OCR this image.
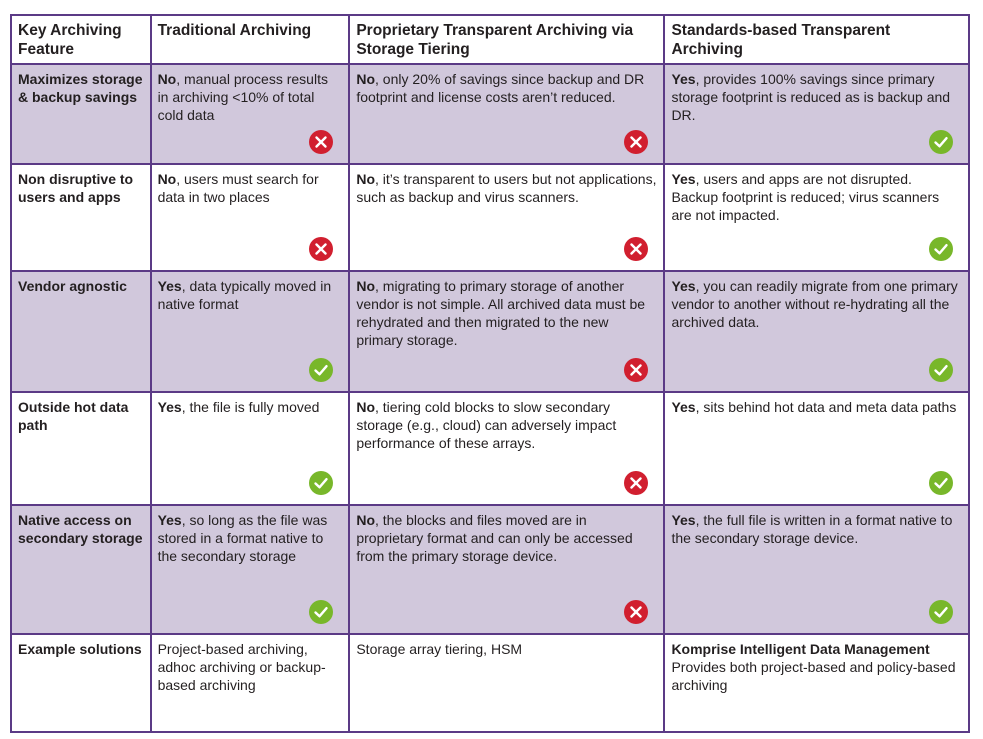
Key Archiving Feature	Traditional Archiving	Proprietary Transparent Archiving via Storage Tiering	Standards-based Transparent Archiving
Maximizes storage & backup savings	No, manual process results in archiving <10% of total cold data	No, only 20% of savings since backup and DR footprint and license costs aren’t reduced.	Yes, provides 100% savings since primary storage footprint is reduced as is backup and DR.

Non disruptive to users and apps	No, users must search for data in two places	No, it’s transparent to users but not applications, such as backup and virus scanners.	Yes, users and apps are not disrupted. Backup footprint is reduced; virus scanners are not impacted.

Vendor agnostic	Yes, data typically moved in native format	No, migrating to primary storage of another vendor is not simple. All archived data must be rehydrated and then migrated to the new primary storage.	Yes, you can readily migrate from one primary vendor to another without re-hydrating all the archived data.

Outside hot data path	Yes, the file is fully moved	No, tiering cold blocks to slow secondary storage (e.g., cloud) can adversely impact performance of these arrays.	Yes, sits behind hot data and meta data paths

Native access on secondary storage	Yes, so long as the file was stored in a format native to the secondary storage	No, the blocks and files moved are in proprietary format and can only be accessed from the primary storage device.	Yes, the full file is written in a format native to the secondary storage device.

Example solutions	Project-based archiving, adhoc archiving or backup-based archiving	Storage array tiering, HSM	Komprise Intelligent Data Management
Provides both project-based and policy-based archiving
